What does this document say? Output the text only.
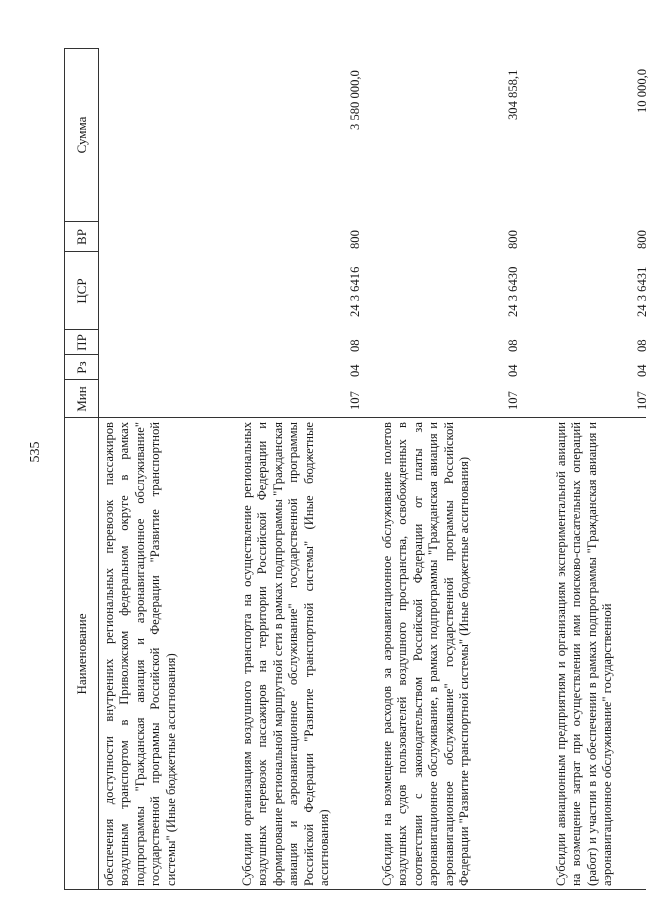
535
Наименование
Мин
Рз
ПР
ЦСР
ВР
Сумма
обеспечения доступности внутренних региональных перевозок пассажиров воздушным транспортом в Приволжском федеральном округе в рамках подпрограммы "Гражданская авиация и аэронавигационное обслуживание" государственной программы Российской Федерации "Развитие транспортной системы" (Иные бюджетные ассигнования)	Субсидии организациям воздушного транспорта на осуществление региональных воздушных перевозок пассажиров на территории Российской Федерации и формирование региональной маршрутной сети в рамках подпрограммы "Гражданская авиация и аэронавигационное обслуживание" государственной программы Российской Федерации "Развитие транспортной системы" (Иные бюджетные ассигнования)
107
04
08
24 3 6416
800
3 580 000,0
Субсидии на возмещение расходов за аэронавигационное обслуживание полетов воздушных судов пользователей воздушного пространства, освобожденных в соответствии с законодательством Российской Федерации от платы за аэронавигационное обслуживание, в рамках подпрограммы "Гражданская авиация и аэронавигационное обслуживание" государственной программы Российской Федерации "Развитие транспортной системы" (Иные бюджетные ассигнования)
107
04
08
24 3 6430
800
304 858,1
Субсидии авиационным предприятиям и организациям экспериментальной авиации на возмещение затрат при осуществлении ими поисково-спасательных операций (работ) и участии в их обеспечении в рамках подпрограммы "Гражданская авиация и аэронавигационное обслуживание" государственной
107
04
08
24 3 6431
800
10 000,0
